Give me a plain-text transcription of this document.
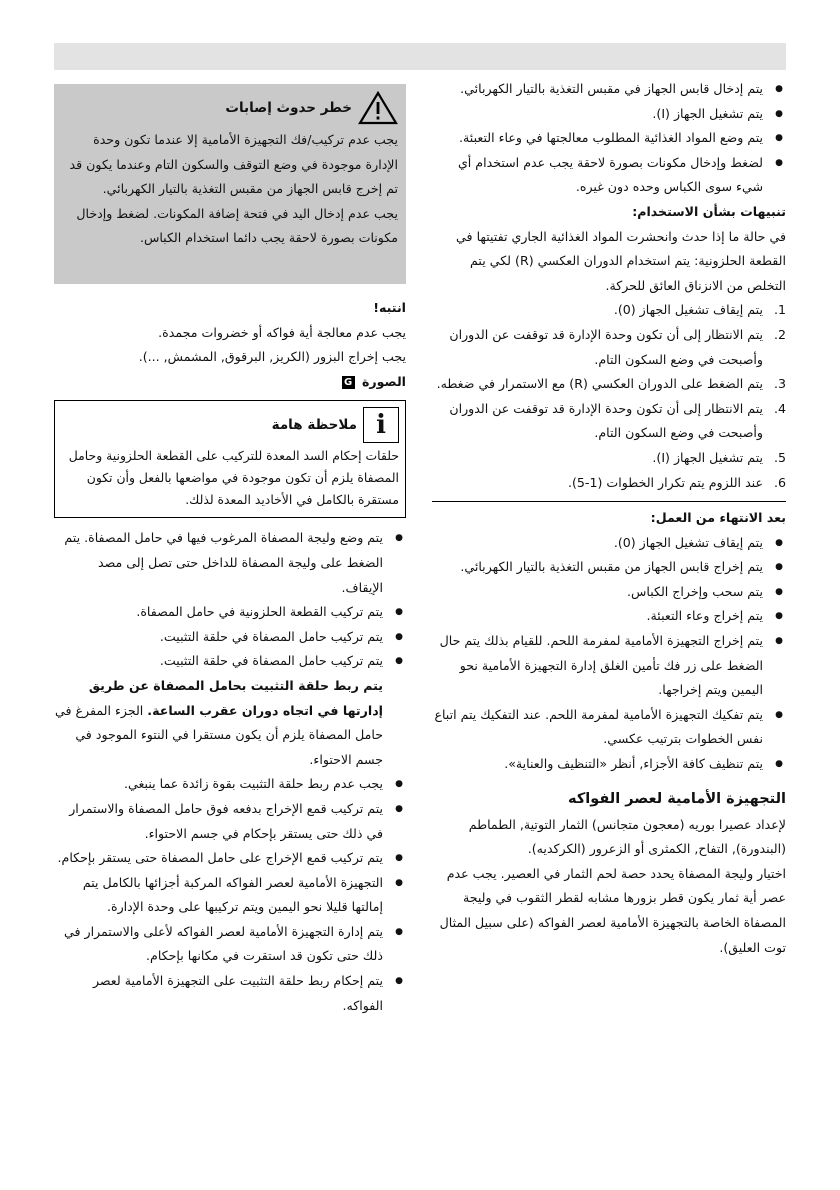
● يتم إدخال قابس الجهاز في مقبس التغذية بالتيار الكهربائي.
● يتم تشغيل الجهاز (I).
● يتم وضع المواد الغذائية المطلوب معالجتها في وعاء التعبئة.
● لضغط وإدخال مكونات بصورة لاحقة يجب عدم استخدام أي شيء سوى الكباس وحده دون غيره.
تنبيهات بشأن الاستخدام:

في حالة ما إذا حدث وانحشرت المواد الغذائية الجاري تفتيتها في القطعة الحلزونية: يتم استخدام الدوران العكسي (R) لكي يتم التخلص من الانزناق العائق للحركة.

1.
يتم إيقاف تشغيل الجهاز (0).
2.
يتم الانتظار إلى أن تكون وحدة الإدارة قد توقفت عن الدوران وأصبحت في وضع السكون التام.
3.
يتم الضغط على الدوران العكسي (R) مع الاستمرار في ضغطه.
4.
يتم الانتظار إلى أن تكون وحدة الإدارة قد توقفت عن الدوران وأصبحت في وضع السكون التام.
5.
يتم تشغيل الجهاز (I).
6.
عند اللزوم يتم تكرار الخطوات (1-5).
بعد الانتهاء من العمل:
● يتم إيقاف تشغيل الجهاز (0).
● يتم إخراج قابس الجهاز من مقبس التغذية بالتيار الكهربائي.
● يتم سحب وإخراج الكباس.
● يتم إخراج وعاء التعبئة.
● يتم إخراج التجهيزة الأمامية لمفرمة اللحم. للقيام بذلك يتم حال الضغط على زر فك تأمين الغلق إدارة التجهيزة الأمامية نحو اليمين ويتم إخراجها.
● يتم تفكيك التجهيزة الأمامية لمفرمة اللحم. عند التفكيك يتم اتباع نفس الخطوات بترتيب عكسي.
● يتم تنظيف كافة الأجزاء, أنظر «التنظيف والعناية».
التجهيزة الأمامية لعصر الفواكه

لإعداد عصيرا بوريه (معجون متجانس) الثمار التوتية, الطماطم (البندورة), التفاح, الكمثرى أو الزعرور (الكركديه).

اختيار وليجة المصفاة يحدد حصة لحم الثمار في العصير. يجب عدم عصر أية ثمار يكون قطر بزورها مشابه لقطر الثقوب في وليجة المصفاة الخاصة بالتجهيزة الأمامية لعصر الفواكه (على سبيل المثال توت العليق).

خطر حدوث إصابات

يجب عدم تركيب/فك التجهيزة الأمامية إلا عندما تكون وحدة الإدارة موجودة في وضع التوقف والسكون التام وعندما يكون قد تم إخرج قابس الجهاز من مقبس التغذية بالتيار الكهربائي.

يجب عدم إدخال اليد في فتحة إضافة المكونات. لضغط وإدخال مكونات بصورة لاحقة يجب دائما استخدام الكباس.

انتبه!

يجب عدم معالجة أية فواكه أو خضروات مجمدة.

يجب إخراج البزور (الكريز, البرقوق, المشمش, ...).

الصورة G
i
ملاحظة هامة

حلقات إحكام السد المعدة للتركيب على القطعة الحلزونية وحامل المصفاة يلزم أن تكون موجودة في مواضعها بالفعل وأن تكون مستقرة بالكامل في الأخاديد المعدة لذلك.

● يتم وضع وليجة المصفاة المرغوب فيها في حامل المصفاة. يتم الضغط على وليجة المصفاة للداخل حتى تصل إلى مصد الإيقاف.
● يتم تركيب القطعة الحلزونية في حامل المصفاة.
● يتم تركيب حامل المصفاة في حلقة التثبيت.
● يتم تركيب حامل المصفاة في حلقة التثبيت.

يتم ربط حلقة التثبيت بحامل المصفاة عن طريق إدارتها في اتجاه دوران عقرب الساعة. الجزء المفرغ في حامل المصفاة يلزم أن يكون مستقرا في النتوء الموجود في جسم الاحتواء.

● يجب عدم ربط حلقة التثبيت بقوة زائدة عما ينبغي.
● يتم تركيب قمع الإخراج بدفعه فوق حامل المصفاة والاستمرار في ذلك حتى يستقر بإحكام في جسم الاحتواء.
● يتم تركيب قمع الإخراج على حامل المصفاة حتى يستقر بإحكام.
● التجهيزة الأمامية لعصر الفواكه المركبة أجزائها بالكامل يتم إمالتها قليلا نحو اليمين ويتم تركيبها على وحدة الإدارة.
● يتم إدارة التجهيزة الأمامية لعصر الفواكه لأعلى والاستمرار في ذلك حتى تكون قد استقرت في مكانها بإحكام.
● يتم إحكام ربط حلقة التثبيت على التجهيزة الأمامية لعصر الفواكه.
